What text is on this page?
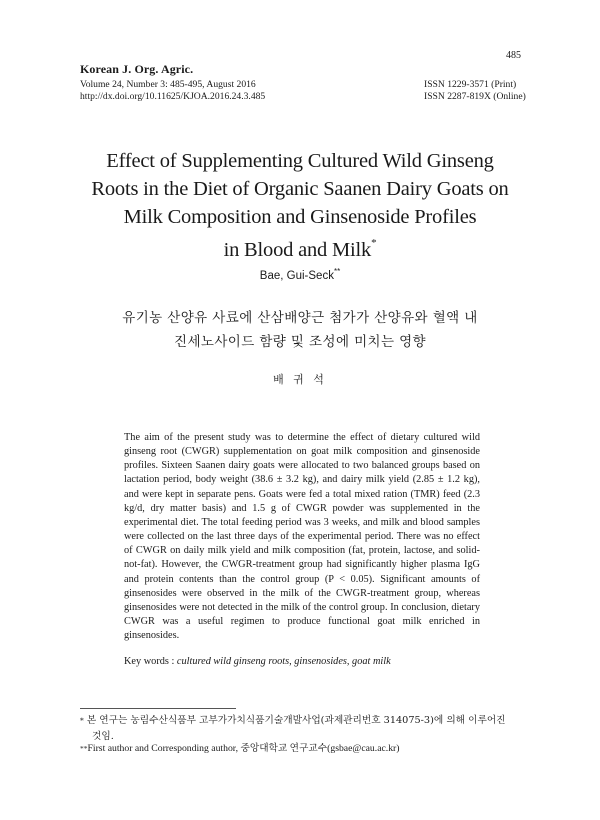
Korean J. Org. Agric.
485
Volume 24, Number 3: 485-495, August 2016
http://dx.doi.org/10.11625/KJOA.2016.24.3.485
ISSN 1229-3571 (Print)
ISSN 2287-819X (Online)
Effect of Supplementing Cultured Wild Ginseng
Roots in the Diet of Organic Saanen Dairy Goats on
Milk Composition and Ginsenoside Profiles
in Blood and Milk*
Bae, Gui-Seck**
유기농 산양유 사료에 산삼배양근 첨가가 산양유와 혈액 내
진세노사이드 함량 및 조성에 미치는 영향
배 귀 석
The aim of the present study was to determine the effect of dietary cultured wild ginseng root (CWGR) supplementation on goat milk composition and ginsenoside profiles. Sixteen Saanen dairy goats were allocated to two balanced groups based on lactation period, body weight (38.6 ± 3.2 kg), and dairy milk yield (2.85 ± 1.2 kg), and were kept in separate pens. Goats were fed a total mixed ration (TMR) feed (2.3 kg/d, dry matter basis) and 1.5 g of CWGR powder was supplemented in the experimental diet. The total feeding period was 3 weeks, and milk and blood samples were collected on the last three days of the experimental period. There was no effect of CWGR on daily milk yield and milk composition (fat, protein, lactose, and solid-not-fat). However, the CWGR-treatment group had significantly higher plasma IgG and protein contents than the control group (P < 0.05). Significant amounts of ginsenosides were observed in the milk of the CWGR-treatment group, whereas ginsenosides were not detected in the milk of the control group. In conclusion, dietary CWGR was a useful regimen to produce functional goat milk enriched in ginsenosides.
Key words : cultured wild ginseng roots, ginsenosides, goat milk
* 본 연구는 농림수산식품부 고부가가치식품기술개발사업(과제관리번호 314075-3)에 의해 이루어진
것임.
**First author and Corresponding author, 중앙대학교 연구교수(gsbae@cau.ac.kr)
